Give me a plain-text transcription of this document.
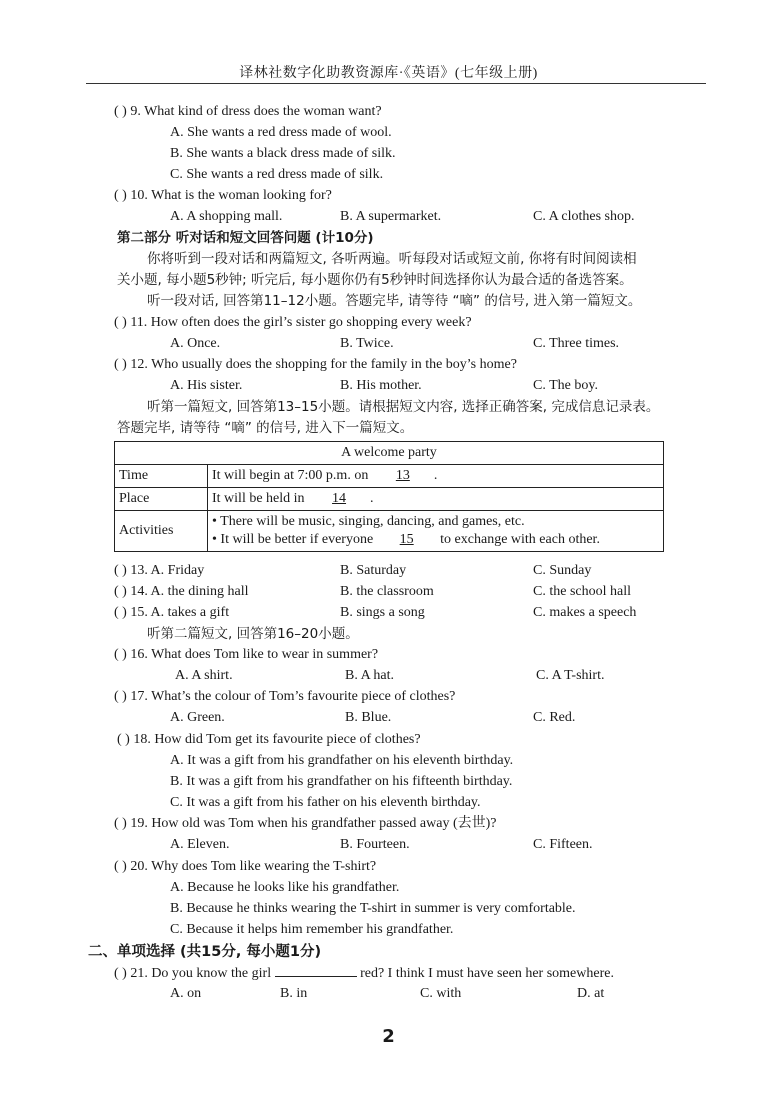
译林社数字化助教资源库·《英语》(七年级上册)
( ) 9. What kind of dress does the woman want?
A. She wants a red dress made of wool.
B. She wants a black dress made of silk.
C. She wants a red dress made of silk.
( ) 10. What is the woman looking for?
A. A shopping mall.	B. A supermarket.	C. A clothes shop.
第二部分 听对话和短文回答问题 (计10分)
你将听到一段对话和两篇短文, 各听两遍。听每段对话或短文前, 你将有时间阅读相
关小题, 每小题5秒钟; 听完后, 每小题你仍有5秒钟时间选择你认为最合适的备选答案。
听一段对话, 回答第11–12小题。答题完毕, 请等待 “嘀” 的信号, 进入第一篇短文。
( ) 11. How often does the girl’s sister go shopping every week?
A. Once.	B. Twice.	C. Three times.
( ) 12. Who usually does the shopping for the family in the boy’s home?
A. His sister.	B. His mother.	C. The boy.
听第一篇短文, 回答第13–15小题。请根据短文内容, 选择正确答案, 完成信息记录表。
答题完毕, 请等待 “嘀” 的信号, 进入下一篇短文。
A welcome party	
Time	It will begin at 7:00 p.m. on 13 .
Place	It will be held in 14 .
Activities	• There will be music, singing, dancing, and games, etc.
• It will be better if everyone 15 to exchange with each other.
( ) 13. A. Friday	B. Saturday	C. Sunday
( ) 14. A. the dining hall	B. the classroom	C. the school hall
( ) 15. A. takes a gift	B. sings a song	C. makes a speech
听第二篇短文, 回答第16–20小题。
( ) 16. What does Tom like to wear in summer?
A. A shirt.	B. A hat.	C. A T-shirt.
( ) 17. What’s the colour of Tom’s favourite piece of clothes?
A. Green.	B. Blue.	C. Red.
( ) 18. How did Tom get its favourite piece of clothes?
A. It was a gift from his grandfather on his eleventh birthday.
B. It was a gift from his grandfather on his fifteenth birthday.
C. It was a gift from his father on his eleventh birthday.
( ) 19. How old was Tom when his grandfather passed away (去世)?
A. Eleven.	B. Fourteen.	C. Fifteen.
( ) 20. Why does Tom like wearing the T-shirt?
A. Because he looks like his grandfather.
B. Because he thinks wearing the T-shirt in summer is very comfortable.
C. Because it helps him remember his grandfather.
二、单项选择 (共15分, 每小题1分)
( ) 21. Do you know the girl	red? I think I must have seen her somewhere.
A. on	B. in	C. with	D. at
2
